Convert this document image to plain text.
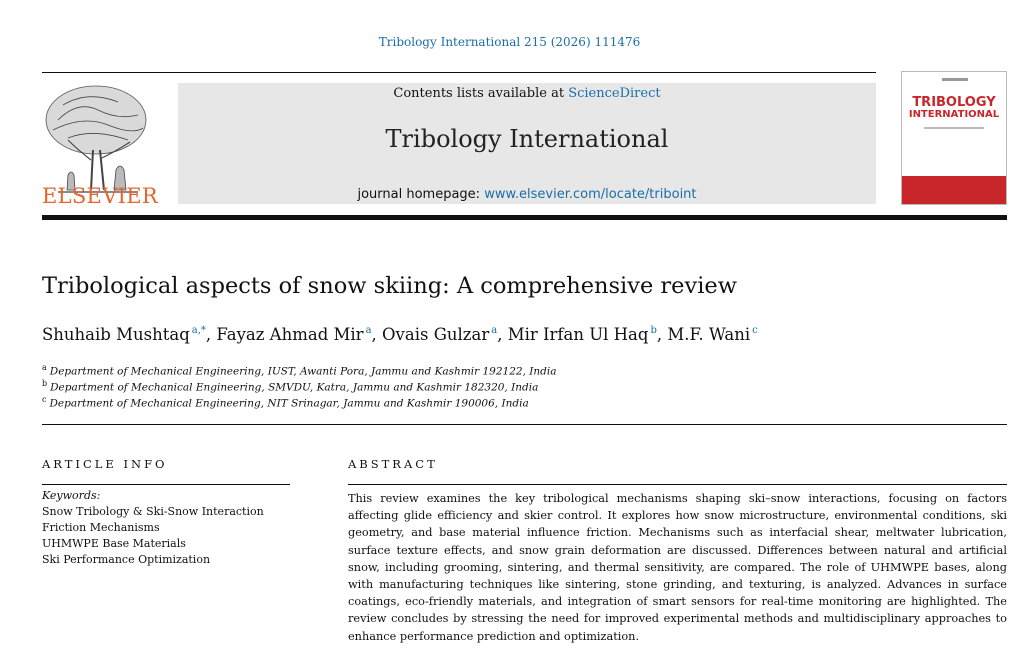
Tribology International 215 (2026) 111476
ELSEVIER
Contents lists available at ScienceDirect
Tribology International
journal homepage: www.elsevier.com/locate/triboint
TRIBOLOGY
INTERNATIONAL
Tribological aspects of snow skiing: A comprehensive review
Shuhaib Mushtaq $^{a,*}$, Fayaz Ahmad Mir $^a$, Ovais Gulzar $^a$, Mir Irfan Ul Haq $^b$, M.F. Wani $^c$
$^a$ Department of Mechanical Engineering, IUST, Awanti Pora, Jammu and Kashmir 192122, India
$^b$ Department of Mechanical Engineering, SMVDU, Katra, Jammu and Kashmir 182320, India
$^c$ Department of Mechanical Engineering, NIT Srinagar, Jammu and Kashmir 190006, India
ARTICLE INFO	ABSTRACT
Keywords:
Snow Tribology & Ski-Snow Interaction
Friction Mechanisms
UHMWPE Base Materials
Ski Performance Optimization
This review examines the key tribological mechanisms shaping ski–snow interactions, focusing on factors affecting glide efficiency and skier control. It explores how snow microstructure, environmental conditions, ski geometry, and base material influence friction. Mechanisms such as interfacial shear, meltwater lubrication, surface texture effects, and snow grain deformation are discussed. Differences between natural and artificial snow, including grooming, sintering, and thermal sensitivity, are compared. The role of UHMWPE bases, along with manufacturing techniques like sintering, stone grinding, and texturing, is analyzed. Advances in surface coatings, eco-friendly materials, and integration of smart sensors for real-time monitoring are highlighted. The review concludes by stressing the need for improved experimental methods and multidisciplinary approaches to enhance performance prediction and optimization.
